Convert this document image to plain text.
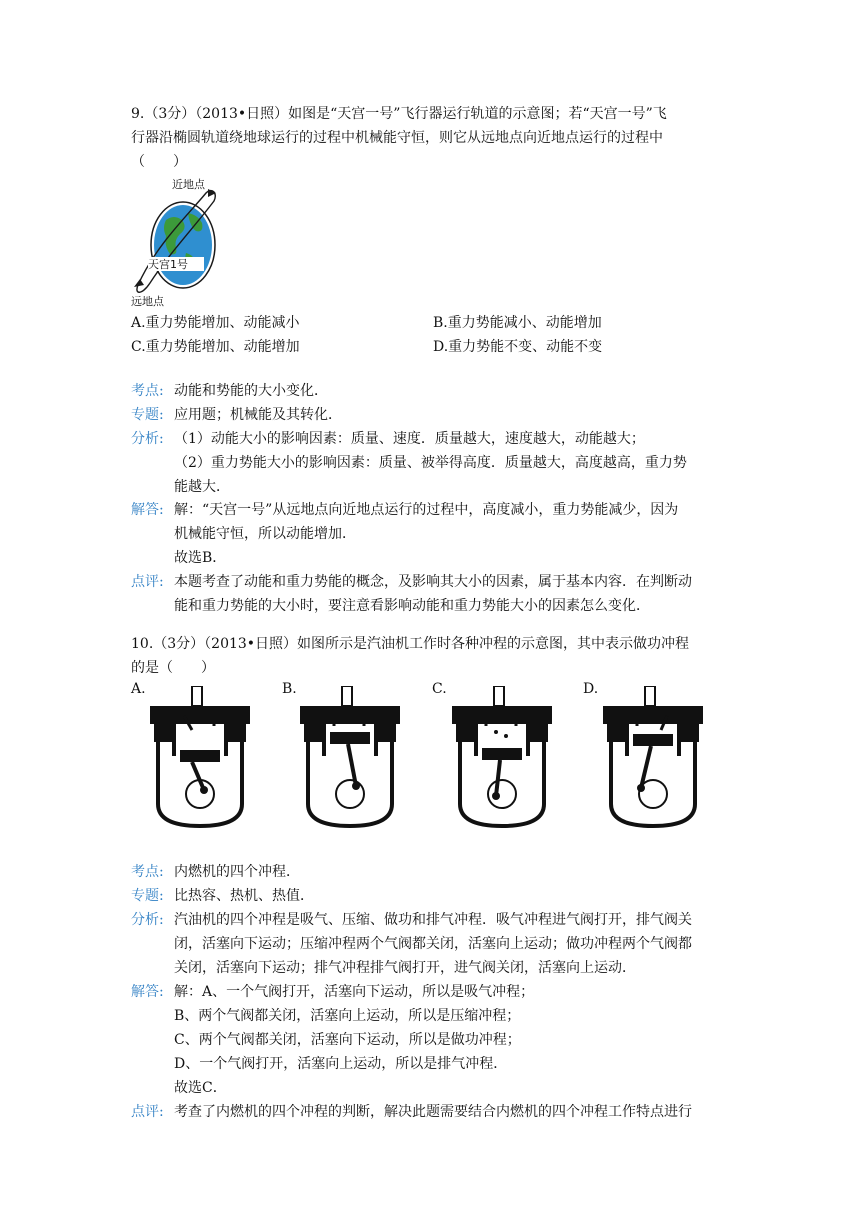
9.（3分）（2013•日照）如图是“天宫一号”飞行器运行轨道的示意图；若“天宫一号”飞
行器沿椭圆轨道绕地球运行的过程中机械能守恒，则它从远地点向近地点运行的过程中
（　　）
天宫1号
近地点
远地点
A.重力势能增加、动能减小	B.重力势能减小、动能增加
C.重力势能增加、动能增加	D.重力势能不变、动能不变
考点: 动能和势能的大小变化．
专题: 应用题；机械能及其转化．
分析: （1）动能大小的影响因素：质量、速度．质量越大，速度越大，动能越大；
（2）重力势能大小的影响因素：质量、被举得高度．质量越大，高度越高，重力势
能越大．
解答: 解：“天宫一号”从远地点向近地点运行的过程中，高度减小，重力势能减少，因为
机械能守恒，所以动能增加．
故选B．
点评: 本题考查了动能和重力势能的概念，及影响其大小的因素，属于基本内容．在判断动
能和重力势能的大小时，要注意看影响动能和重力势能大小的因素怎么变化．
10.（3分）（2013•日照）如图所示是汽油机工作时各种冲程的示意图，其中表示做功冲程
的是（　　）
A.	B.	C.	D.
考点: 内燃机的四个冲程．
专题: 比热容、热机、热值．
分析: 汽油机的四个冲程是吸气、压缩、做功和排气冲程．吸气冲程进气阀打开，排气阀关
闭，活塞向下运动；压缩冲程两个气阀都关闭，活塞向上运动；做功冲程两个气阀都
关闭，活塞向下运动；排气冲程排气阀打开，进气阀关闭，活塞向上运动．
解答: 解：A、一个气阀打开，活塞向下运动，所以是吸气冲程；
B、两个气阀都关闭，活塞向上运动，所以是压缩冲程；
C、两个气阀都关闭，活塞向下运动，所以是做功冲程；
D、一个气阀打开，活塞向上运动，所以是排气冲程．
故选C．
点评: 考查了内燃机的四个冲程的判断，解决此题需要结合内燃机的四个冲程工作特点进行
